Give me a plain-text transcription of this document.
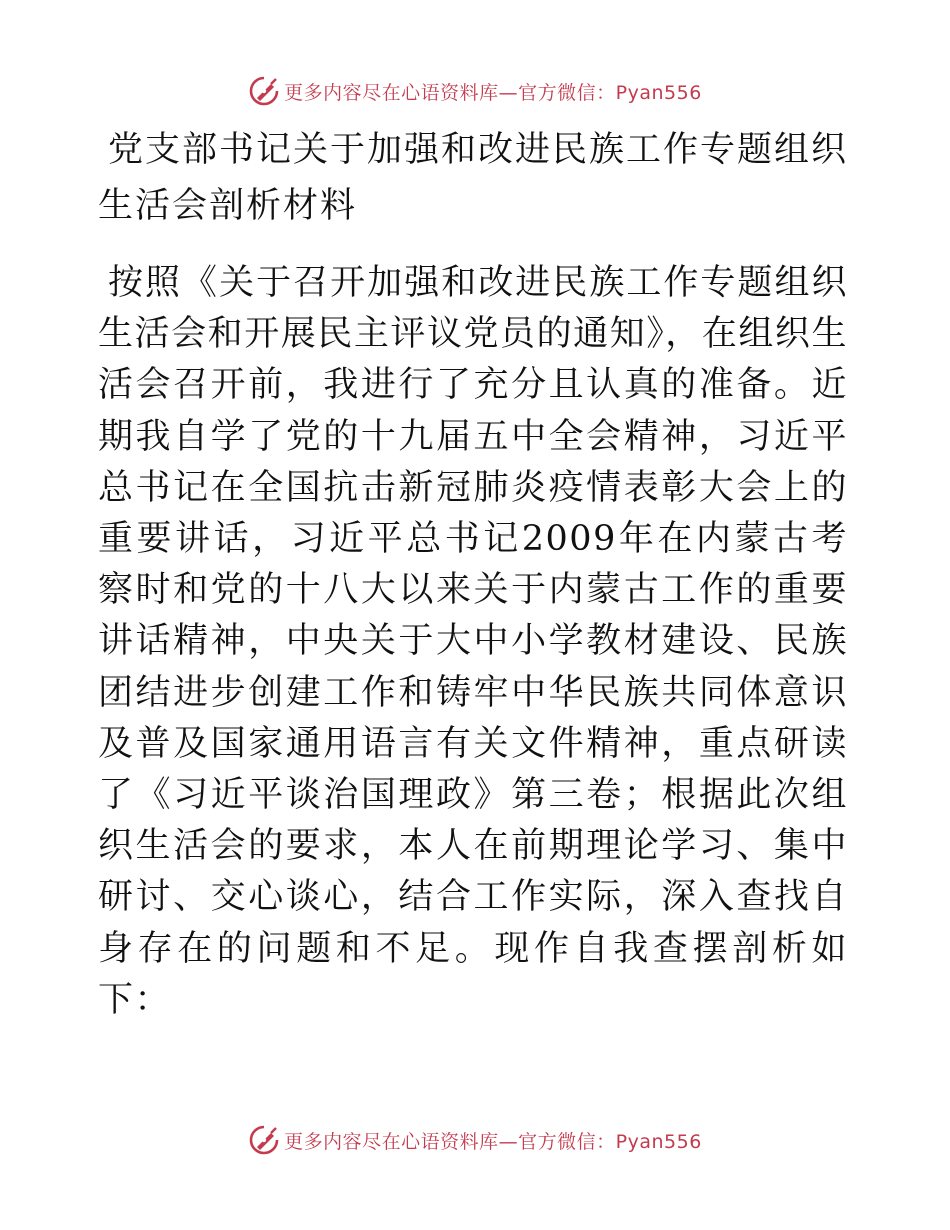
更多内容尽在心语资料库—官方微信：Pyan556
党支部书记关于加强和改进民族工作专题组织生活会剖析材料

按照《关于召开加强和改进民族工作专题组织生活会和开展民主评议党员的通知》，在组织生活会召开前，我进行了充分且认真的准备。近期我自学了党的十九届五中全会精神，习近平总书记在全国抗击新冠肺炎疫情表彰大会上的重要讲话，习近平总书记2009年在内蒙古考察时和党的十八大以来关于内蒙古工作的重要讲话精神，中央关于大中小学教材建设、民族团结进步创建工作和铸牢中华民族共同体意识及普及国家通用语言有关文件精神，重点研读了《习近平谈治国理政》第三卷；根据此次组织生活会的要求，本人在前期理论学习、集中研讨、交心谈心，结合工作实际，深入查找自身存在的问题和不足。现作自我查摆剖析如下：

更多内容尽在心语资料库—官方微信：Pyan556
